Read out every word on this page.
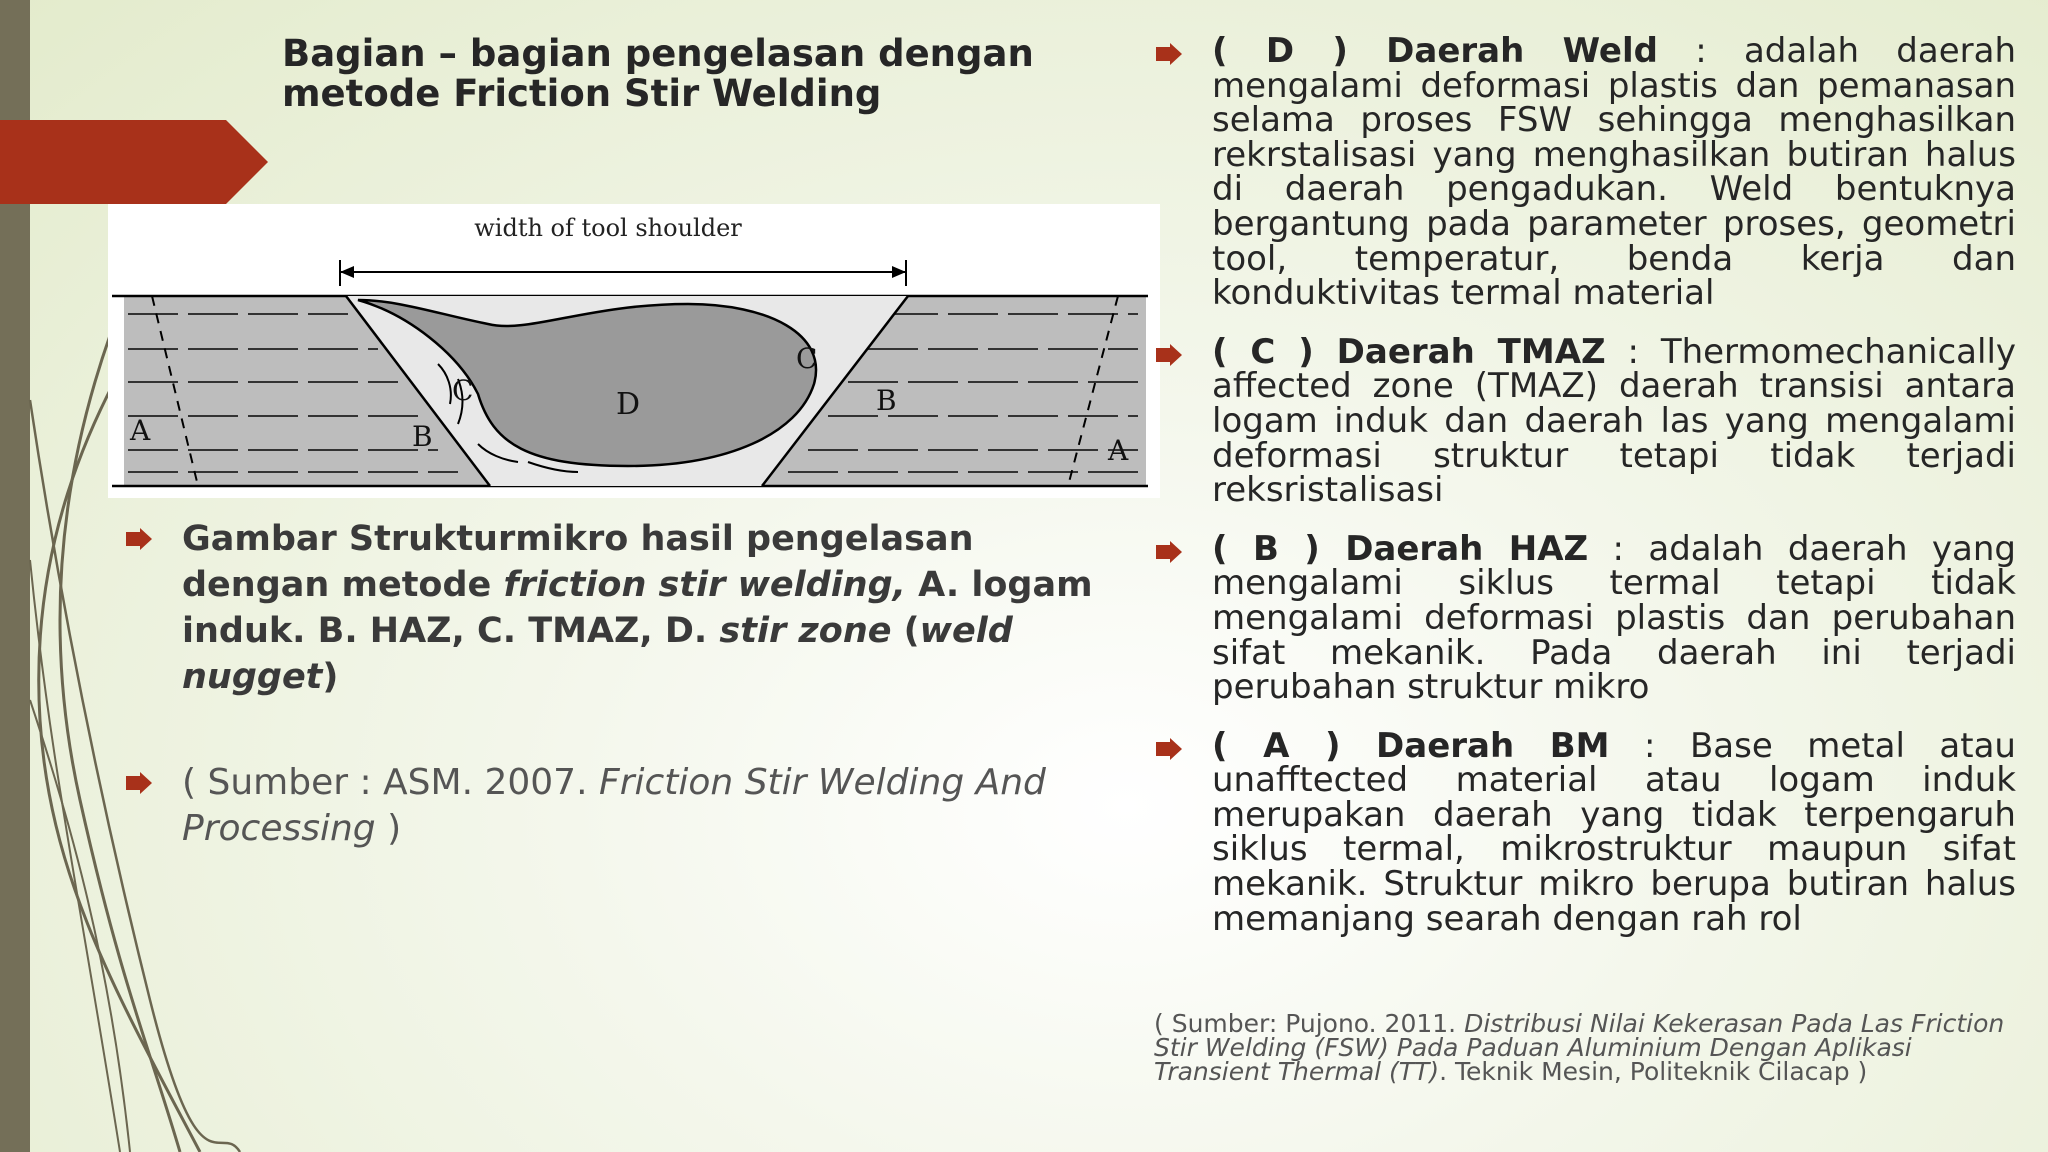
Bagian – bagian pengelasan dengan
metode Friction Stir Welding
width of tool shoulder
A	B
C	D
C
B
A
Gambar Strukturmikro hasil pengelasan dengan metode friction stir welding, A. logam induk. B. HAZ, C. TMAZ, D. stir zone (weld nugget)
( Sumber : ASM. 2007. Friction Stir Welding And Processing )
( D ) Daerah Weld : adalah daerah mengalami deformasi plastis dan pemanasan selama proses FSW sehingga menghasilkan rekrstalisasi yang menghasilkan butiran halus di daerah pengadukan. Weld bentuknya bergantung pada parameter proses, geometri tool, temperatur, benda kerja dan konduktivitas termal material
( C ) Daerah TMAZ : Thermomechanically affected zone (TMAZ) daerah transisi antara logam induk dan daerah las yang mengalami deformasi struktur tetapi tidak terjadi reksristalisasi
( B ) Daerah HAZ : adalah daerah yang mengalami siklus termal tetapi tidak mengalami deformasi plastis dan perubahan sifat mekanik. Pada daerah ini terjadi perubahan struktur mikro
( A ) Daerah BM : Base metal atau unafftected material atau logam induk merupakan daerah yang tidak terpengaruh siklus termal, mikrostruktur maupun sifat mekanik. Struktur mikro berupa butiran halus memanjang searah dengan rah rol

( Sumber: Pujono. 2011. Distribusi Nilai Kekerasan Pada Las Friction Stir Welding (FSW) Pada Paduan Aluminium Dengan Aplikasi Transient Thermal (TT). Teknik Mesin, Politeknik Cilacap )
